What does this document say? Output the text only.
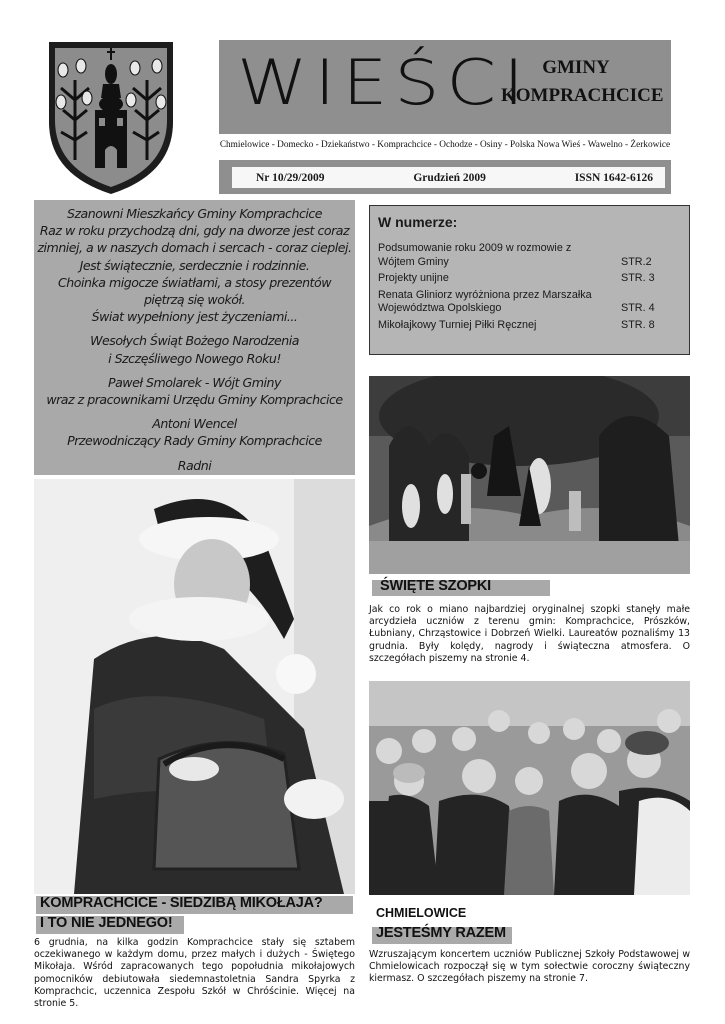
WIEŚCI GMINY
KOMPRACHCICE
Chmielowice - Domecko - Dziekaństwo - Komprachcice - Ochodze - Osiny - Polska Nowa Wieś - Wawelno - Żerkowice
Nr 10/29/2009	Grudzień 2009	ISSN 1642-6126

Szanowni Mieszkańcy Gminy Komprachcice

Raz w roku przychodzą dni, gdy na dworze jest coraz

zimniej, a w naszych domach i sercach - coraz cieplej.

Jest świątecznie, serdecznie i rodzinnie.

Choinka migocze światłami, a stosy prezentów

piętrzą się wokół.

Świat wypełniony jest życzeniami...

Wesołych Świąt Bożego Narodzenia

i Szczęśliwego Nowego Roku!

Paweł Smolarek - Wójt Gminy

wraz z pracownikami Urzędu Gminy Komprachcice

Antoni Wencel

Przewodniczący Rady Gminy Komprachcice

Radni

W numerze:
Podsumowanie roku 2009 w rozmowie z Wójtem Gminy	STR.2
Projekty unijne	STR. 3
Renata Gliniorz wyróżniona przez Marszałka Województwa Opolskiego	STR. 4
Mikołajkowy Turniej Piłki Ręcznej	STR. 8
ŚWIĘTE SZOPKI
Jak co rok o miano najbardziej oryginalnej szopki stanęły małe arcydzieła uczniów z terenu gmin: Komprachcice, Prószków, Łubniany, Chrząstowice i Dobrzeń Wielki. Laureatów poznaliśmy 13 grudnia. Były kolędy, nagrody i świąteczna atmosfera. O szczegółach piszemy na stronie 4.
KOMPRACHCICE - SIEDZIBĄ MIKOŁAJA?
I TO NIE JEDNEGO!
6 grudnia, na kilka godzin Komprachcice stały się sztabem oczekiwanego w każdym domu, przez małych i dużych - Świętego Mikołaja. Wśród zapracowanych tego popołudnia mikołajowych pomocników debiutowała siedemnastoletnia Sandra Spyrka z Komprachcic, uczennica Zespołu Szkół w Chróścinie. Więcej na stronie 5.
CHMIELOWICE
JESTEŚMY RAZEM
Wzruszającym koncertem uczniów Publicznej Szkoły Podstawowej w Chmielowicach rozpoczął się w tym sołectwie coroczny świąteczny kiermasz. O szczegółach piszemy na stronie 7.
